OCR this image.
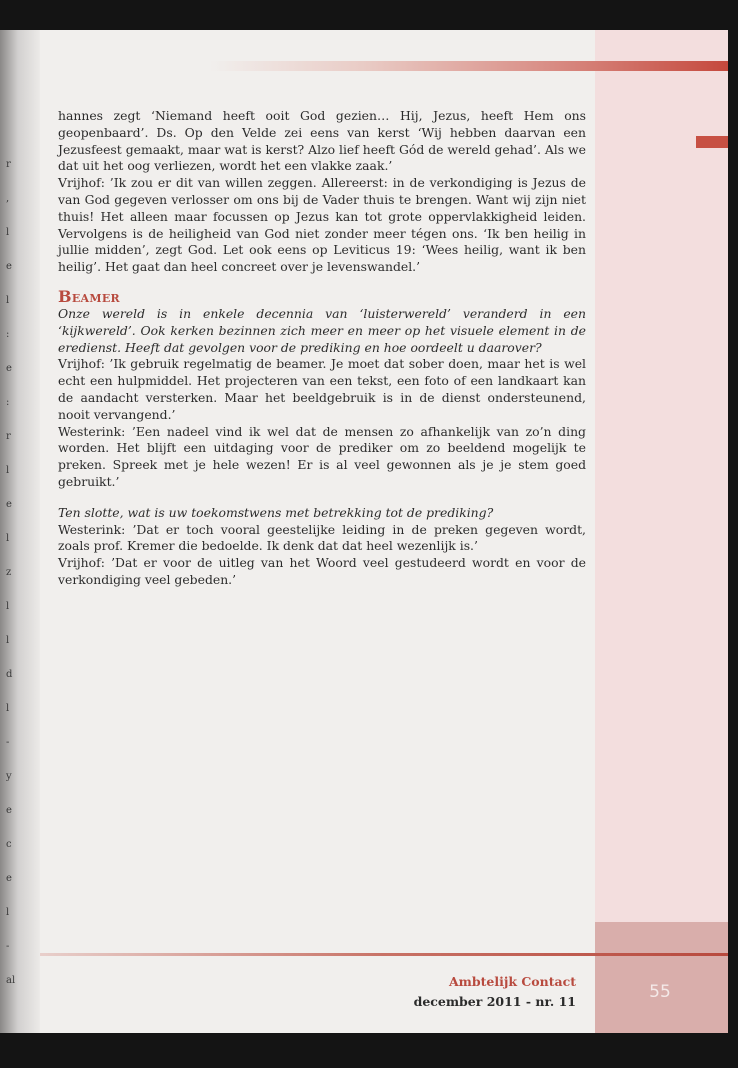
r
,
l
e
l
:
e
:
r
l
e
l
z
l
l
d
l
-
y
e
c
e
l
-
al

hannes zegt ‘Niemand heeft ooit God gezien… Hij, Jezus, heeft Hem ons geopenbaard’. Ds. Op den Velde zei eens van kerst ‘Wij hebben daarvan een Jezusfeest gemaakt, maar wat is kerst? Alzo lief heeft Gód de wereld gehad’. Als we dat uit het oog verliezen, wordt het een vlakke zaak.’

Vrijhof: ’Ik zou er dit van willen zeggen. Allereerst: in de verkondiging is Jezus de van God gegeven verlosser om ons bij de Vader thuis te brengen. Want wij zijn niet thuis! Het alleen maar focussen op Jezus kan tot grote oppervlakkigheid leiden. Vervolgens is de heiligheid van God niet zonder meer tégen ons. ‘Ik ben heilig in jullie midden’, zegt God. Let ook eens op Leviticus 19: ‘Wees heilig, want ik ben heilig’. Het gaat dan heel concreet over je levenswandel.’

Beamer

Onze wereld is in enkele decennia van ‘luisterwereld’ veranderd in een ‘kijkwereld’. Ook kerken bezinnen zich meer en meer op het visuele element in de eredienst. Heeft dat gevolgen voor de prediking en hoe oordeelt u daarover?

Vrijhof: ’Ik gebruik regelmatig de beamer. Je moet dat sober doen, maar het is wel echt een hulpmiddel. Het projecteren van een tekst, een foto of een landkaart kan de aandacht versterken. Maar het beeldgebruik is in de dienst ondersteunend, nooit vervangend.’

Westerink: ’Een nadeel vind ik wel dat de mensen zo afhankelijk van zo’n ding worden. Het blijft een uitdaging voor de prediker om zo beeldend mogelijk te preken. Spreek met je hele wezen! Er is al veel gewonnen als je je stem goed gebruikt.’

Ten slotte, wat is uw toekomstwens met betrekking tot de prediking?

Westerink: ’Dat er toch vooral geestelijke leiding in de preken gegeven wordt, zoals prof. Kremer die bedoelde. Ik denk dat dat heel wezenlijk is.’

Vrijhof: ’Dat er voor de uitleg van het Woord veel gestudeerd wordt en voor de verkondiging veel gebeden.’

Ambtelijk Contact
december 2011 - nr. 11	55
